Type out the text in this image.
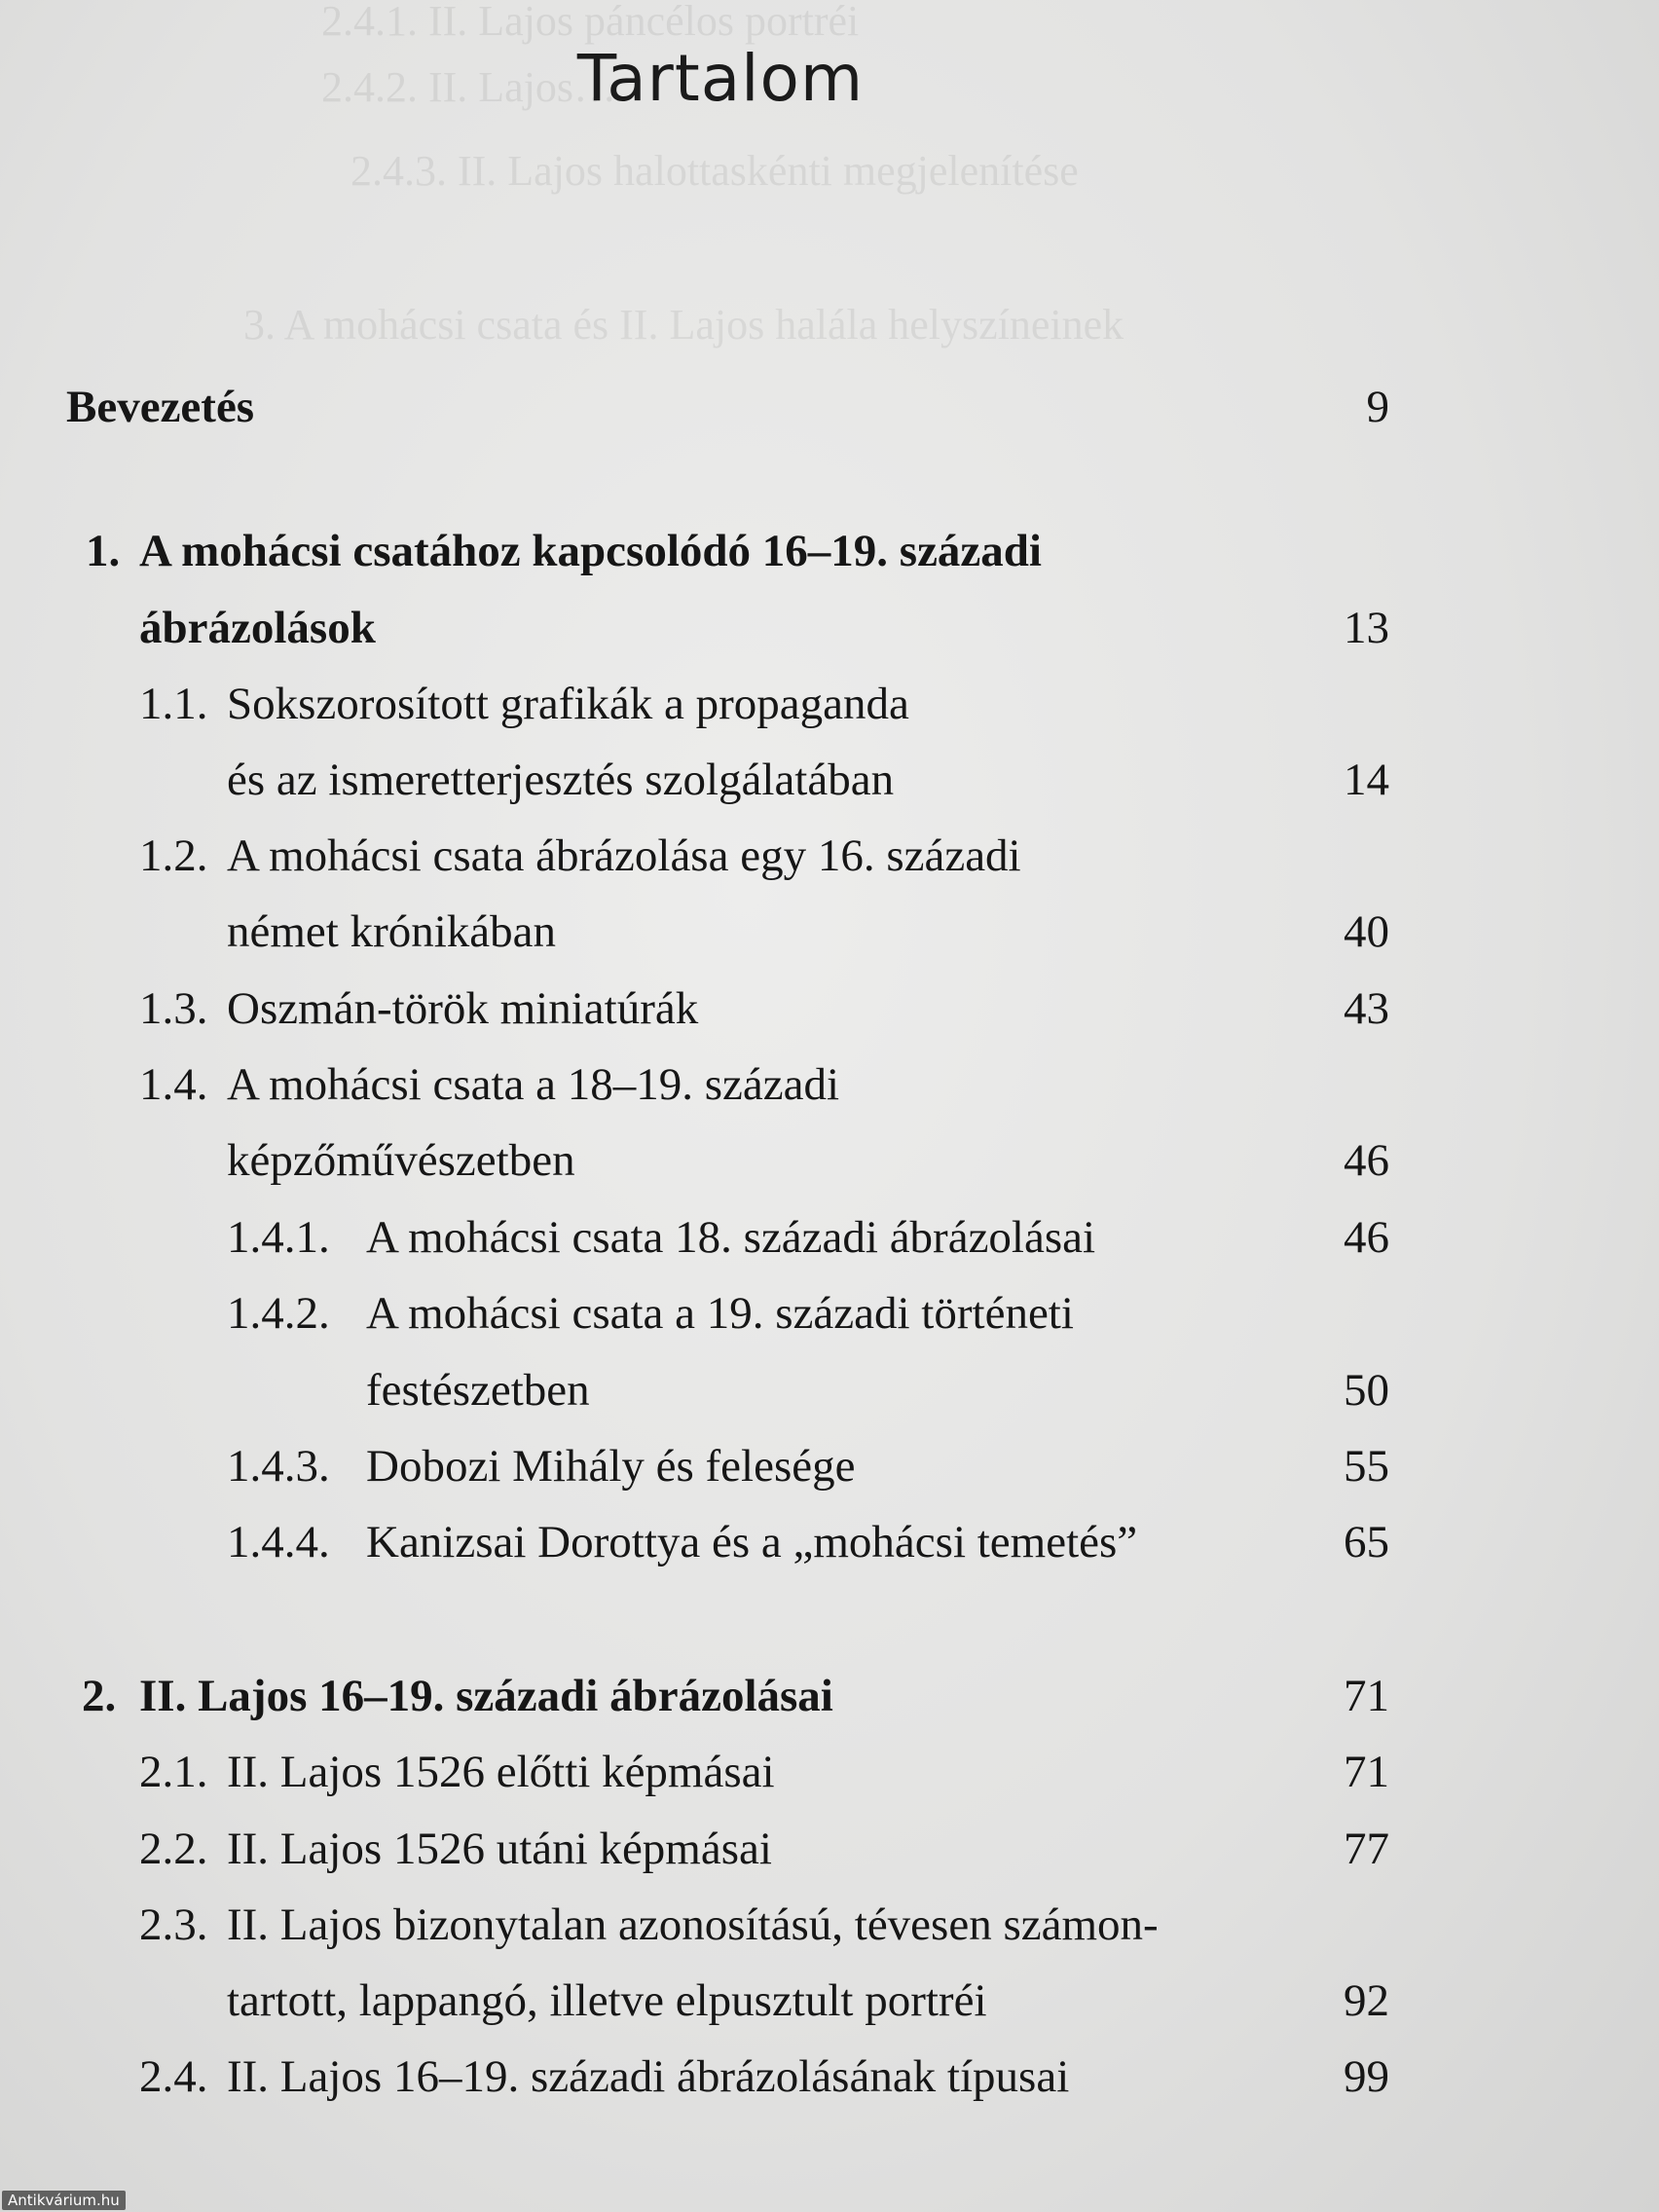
2.4.1. II. Lajos páncélos portréi
2.4.2. II. Lajos…
2.4.3. II. Lajos halottaskénti megjelenítése
3. A mohácsi csata és II. Lajos halála helyszíneinek
Tartalom
Bevezetés	9
1. A mohácsi csatához kapcsolódó 16–19. századi
ábrázolások	13
1.1. Sokszorosított grafikák a propaganda
és az ismeretterjesztés szolgálatában	14
1.2. A mohácsi csata ábrázolása egy 16. századi
német krónikában	40
1.3. Oszmán-török miniatúrák	43
1.4. A mohácsi csata a 18–19. századi
képzőművészetben	46
1.4.1. A mohácsi csata 18. századi ábrázolásai	46
1.4.2. A mohácsi csata a 19. századi történeti
festészetben	50
1.4.3. Dobozi Mihály és felesége	55
1.4.4. Kanizsai Dorottya és a „mohácsi temetés”	65
2. II. Lajos 16–19. századi ábrázolásai	71
2.1. II. Lajos 1526 előtti képmásai	71
2.2. II. Lajos 1526 utáni képmásai	77
2.3. II. Lajos bizonytalan azonosítású, tévesen számon-
tartott, lappangó, illetve elpusztult portréi	92
2.4. II. Lajos 16–19. századi ábrázolásának típusai	99
Antikvárium.hu
